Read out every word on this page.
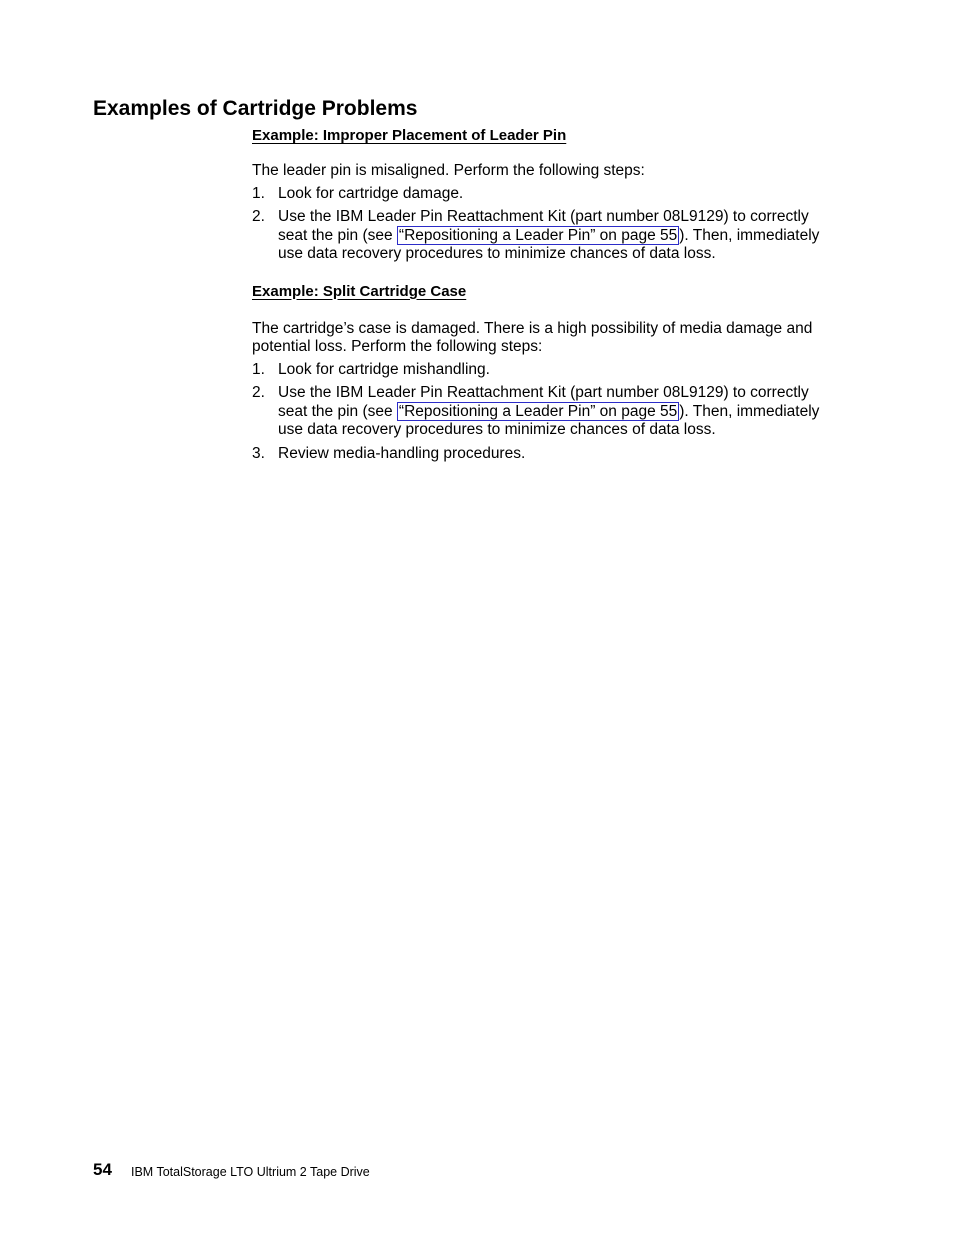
Examples of Cartridge Problems
Example: Improper Placement of Leader Pin

The leader pin is misaligned. Perform the following steps:

1. Look for cartridge damage.
2. Use the IBM Leader Pin Reattachment Kit (part number 08L9129) to correctly
seat the pin (see “Repositioning a Leader Pin” on page 55 ). Then, immediately
use data recovery procedures to minimize chances of data loss.
Example: Split Cartridge Case

The cartridge’s case is damaged. There is a high possibility of media damage and
potential loss. Perform the following steps:

1. Look for cartridge mishandling.
2. Use the IBM Leader Pin Reattachment Kit (part number 08L9129) to correctly
seat the pin (see “Repositioning a Leader Pin” on page 55 ). Then, immediately
use data recovery procedures to minimize chances of data loss.
3. Review media-handling procedures.
54 IBM TotalStorage LTO Ultrium 2 Tape Drive
